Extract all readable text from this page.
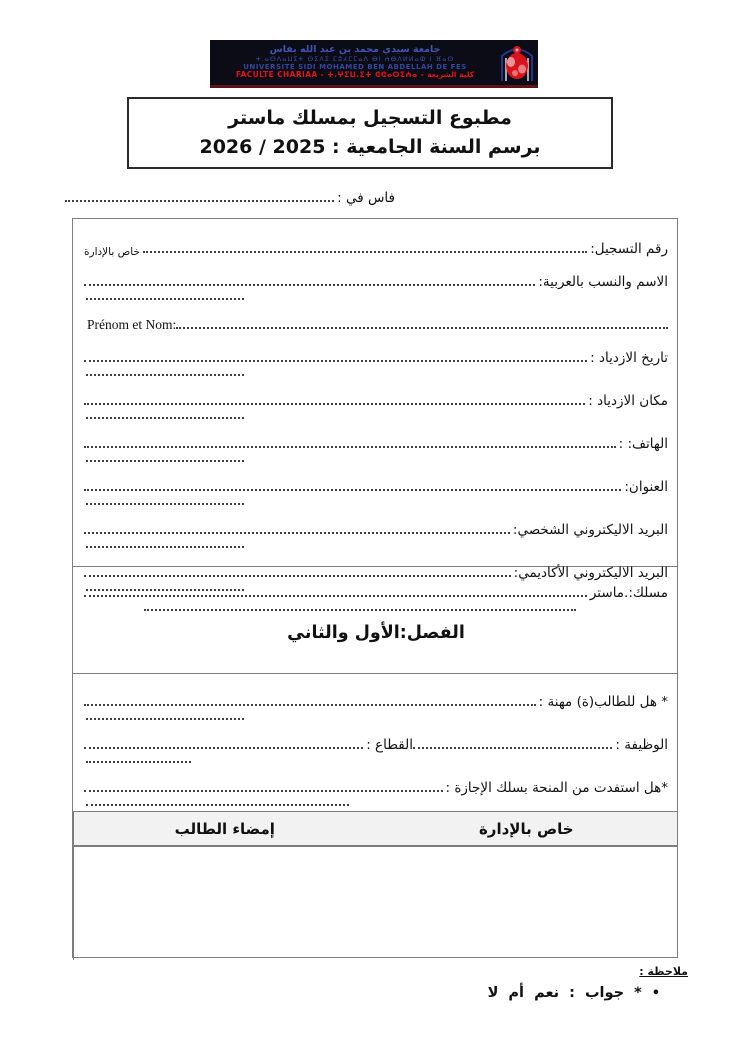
جامعة سيدي محمد بن عبد الله بفاس
ⵜ.ⴰⵙⴷⴰⵡⵉⵜ ⵙⵉⴷⵉ ⵎⵓⵃⵎⵎⴰⴷ ⴱⵏ ⵄⴱⴷⵍⵍⴰⵀ ⵏ ⴼⴰⵙ
UNIVERSITÉ SIDI MOHAMED BEN ABDELLAH DE FES
FACULTE CHARIAA - ⵜ.ⵖⵉⵡ.ⵉⵜ ⵛⵛⴰⵔⵉⵄⴰ - كلية الشريعة
مطبوع التسجيل بمسلك ماستر
برسم السنة الجامعية : 2025 / 2026
فاس في :
رقم التسجيل:
خاص بالإدارة
الاسم والنسب بالعربية:
Prénom et Nom:
تاريخ الازدياد :
مكان الازدياد :
الهاتف: :
العنوان:
البريد الاليكتروني الشخصي:
البريد الاليكتروني الأكاديمي:
مسلك:.ماستر
الفصل:الأول والثاني
* هل للطالب(ة) مهنة :
الوظيفة :
القطاع :
*هل استفدت من المنحة بسلك الإجازة :
خاص بالإدارة
إمضاء الطالب
ملاحظة :
•
* جواب : نعم أم لا
